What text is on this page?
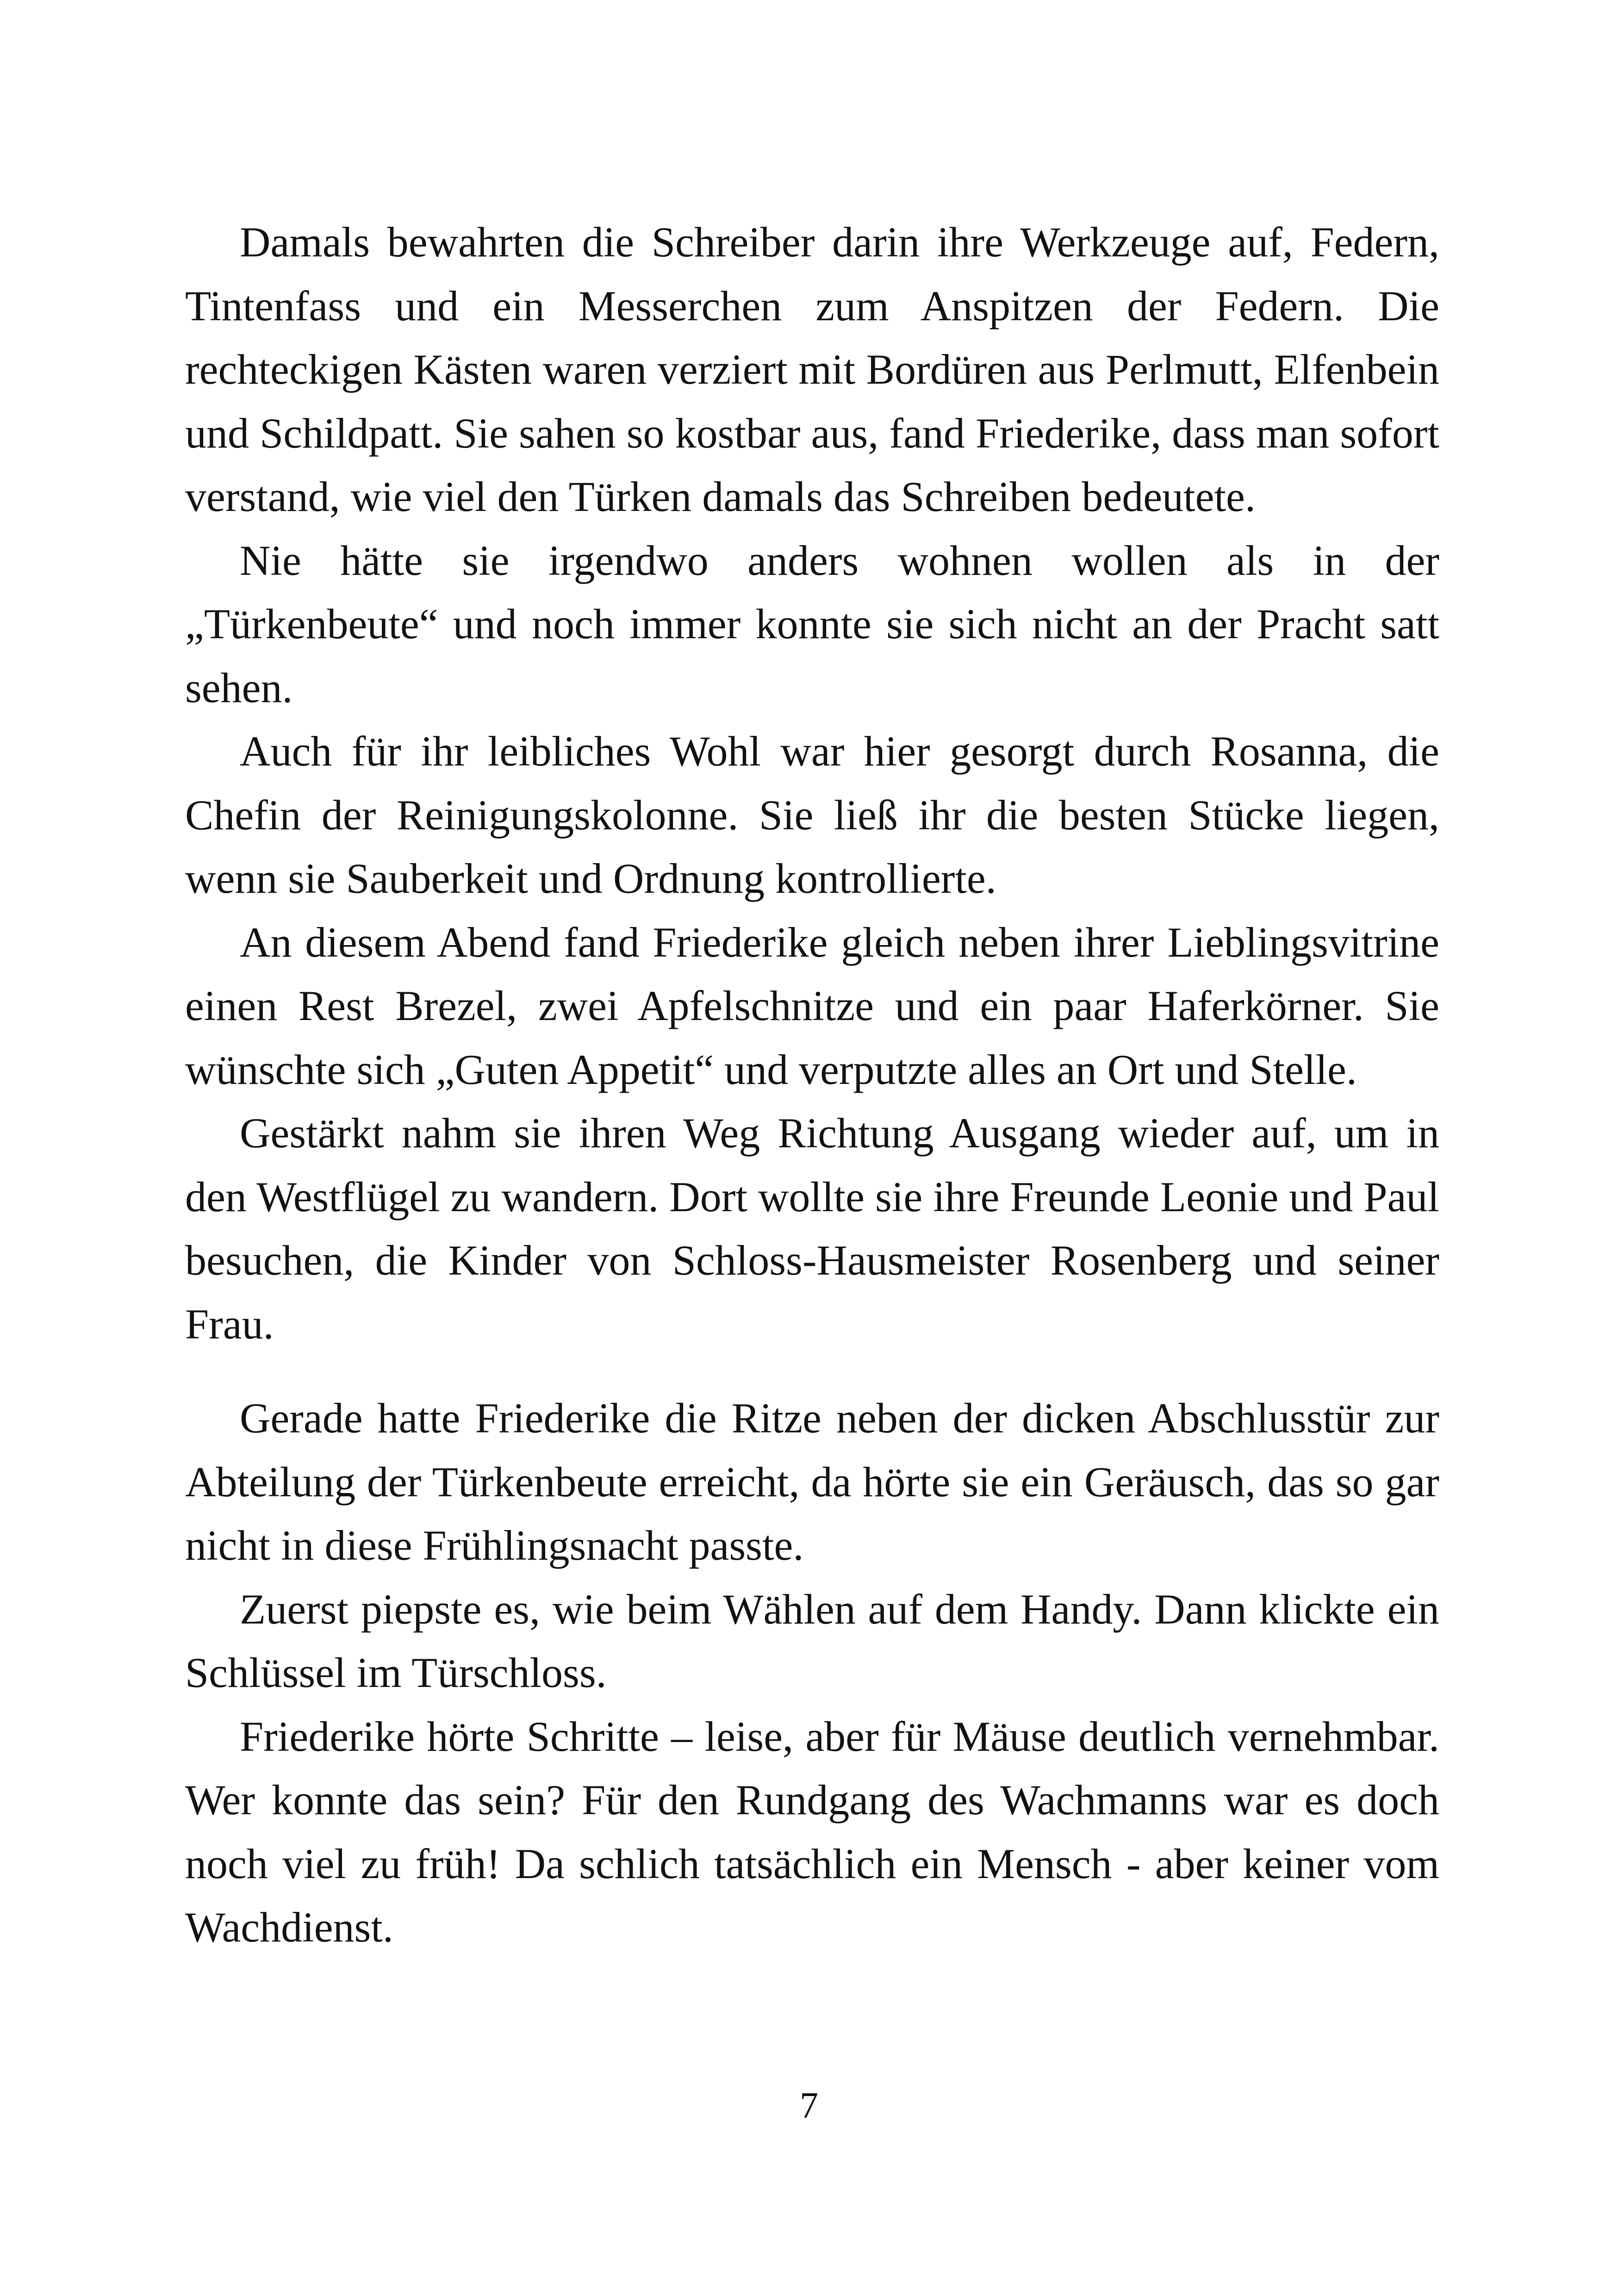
Damals bewahrten die Schreiber darin ihre Werkzeuge auf, Federn, Tintenfass und ein Messerchen zum Anspitzen der Federn. Die rechteckigen Kästen waren verziert mit Bordüren aus Perlmutt, Elfenbein und Schildpatt. Sie sahen so kostbar aus, fand Friederike, dass man sofort verstand, wie viel den Türken damals das Schreiben bedeutete.

Nie hätte sie irgendwo anders wohnen wollen als in der „Türkenbeute“ und noch immer konnte sie sich nicht an der Pracht satt sehen.

Auch für ihr leibliches Wohl war hier gesorgt durch Rosanna, die Chefin der Reinigungskolonne. Sie ließ ihr die besten Stücke liegen, wenn sie Sauberkeit und Ordnung kontrollierte.

An diesem Abend fand Friederike gleich neben ihrer Lieblingsvitrine einen Rest Brezel, zwei Apfelschnitze und ein paar Haferkörner. Sie wünschte sich „Guten Appetit“ und verputzte alles an Ort und Stelle.

Gestärkt nahm sie ihren Weg Richtung Ausgang wieder auf, um in den Westflügel zu wandern. Dort wollte sie ihre Freunde Leonie und Paul besuchen, die Kinder von Schloss-Hausmeister Rosenberg und seiner Frau.

Gerade hatte Friederike die Ritze neben der dicken Abschlusstür zur Abteilung der Türkenbeute erreicht, da hörte sie ein Geräusch, das so gar nicht in diese Frühlingsnacht passte.

Zuerst piepste es, wie beim Wählen auf dem Handy. Dann klickte ein Schlüssel im Türschloss.

Friederike hörte Schritte – leise, aber für Mäuse deutlich vernehmbar. Wer konnte das sein? Für den Rundgang des Wachmanns war es doch noch viel zu früh! Da schlich tatsächlich ein Mensch - aber keiner vom Wachdienst.

7
